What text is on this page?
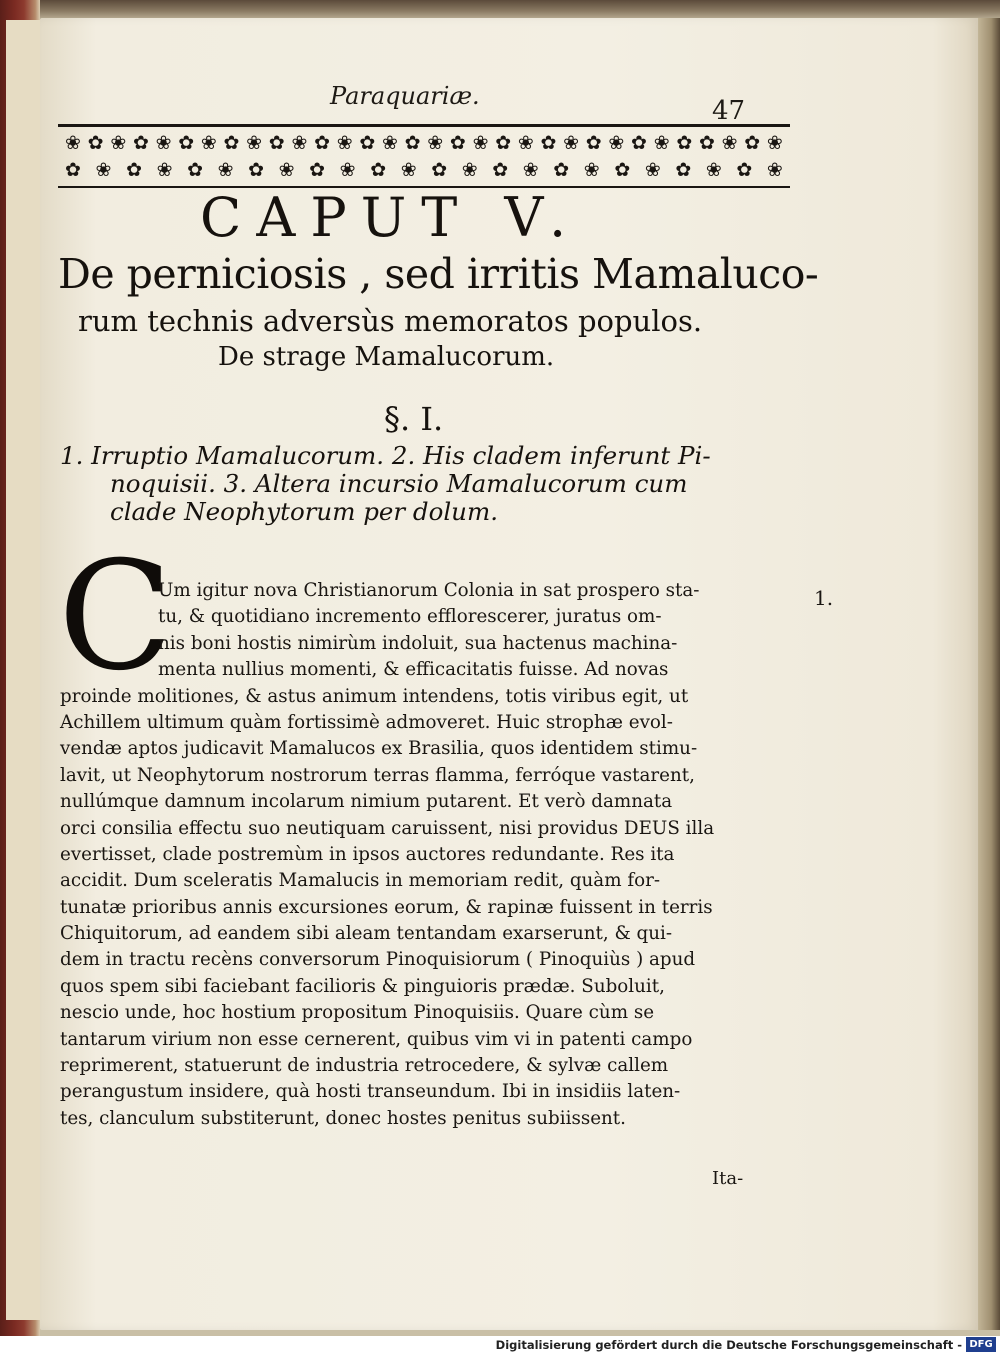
Paraquariæ.	47
❀ ✿ ❀ ✿ ❀ ✿ ❀ ✿ ❀ ✿ ❀ ✿ ❀ ✿ ❀ ✿ ❀ ✿ ❀ ✿ ❀ ✿ ❀ ✿ ❀ ✿ ❀ ✿ ✿ ❀ ✿ ❀
✿ ❀ ✿ ❀ ✿ ❀ ✿ ❀ ✿ ❀ ✿ ❀ ✿ ❀ ✿ ❀ ✿ ❀ ✿ ❀ ✿ ❀ ✿ ❀
CAPUT V.
De perniciosis , sed irritis Mamaluco-
rum technis adversùs memoratos populos.
De strage Mamalucorum.
§. I.
1. Irruptio Mamalucorum. 2. His cladem inferunt Pi-
noquisii. 3. Altera incursio Mamalucorum cum
clade Neophytorum per dolum.
C
Um igitur nova Christianorum Colonia in sat prospero sta-
tu, & quotidiano incremento efflorescerer, juratus om-
nis boni hostis nimirùm indoluit, sua hactenus machina-
menta nullius momenti, & efficacitatis fuisse. Ad novas
proinde molitiones, & astus animum intendens, totis viribus egit, ut
Achillem ultimum quàm fortissimè admoveret. Huic strophæ evol-
vendæ aptos judicavit Mamalucos ex Brasilia, quos identidem stimu-
lavit, ut Neophytorum nostrorum terras flamma, ferróque vastarent,
nullúmque damnum incolarum nimium putarent. Et verò damnata
orci consilia effectu suo neutiquam caruissent, nisi providus DEUS illa
evertisset, clade postremùm in ipsos auctores redundante. Res ita
accidit. Dum sceleratis Mamalucis in memoriam redit, quàm for-
tunatæ prioribus annis excursiones eorum, & rapinæ fuissent in terris
Chiquitorum, ad eandem sibi aleam tentandam exarserunt, & qui-
dem in tractu recèns conversorum Pinoquisiorum ( Pinoquiùs ) apud
quos spem sibi faciebant facilioris & pinguioris prædæ. Suboluit,
nescio unde, hoc hostium propositum Pinoquisiis. Quare cùm se
tantarum virium non esse cernerent, quibus vim vi in patenti campo
reprimerent, statuerunt de industria retrocedere, & sylvæ callem
perangustum insidere, quà hosti transeundum. Ibi in insidiis laten-
tes, clanculum substiterunt, donec hostes penitus subiissent.
1.
Ita-
Digitalisierung gefördert durch die Deutsche Forschungsgemeinschaft - DFG
